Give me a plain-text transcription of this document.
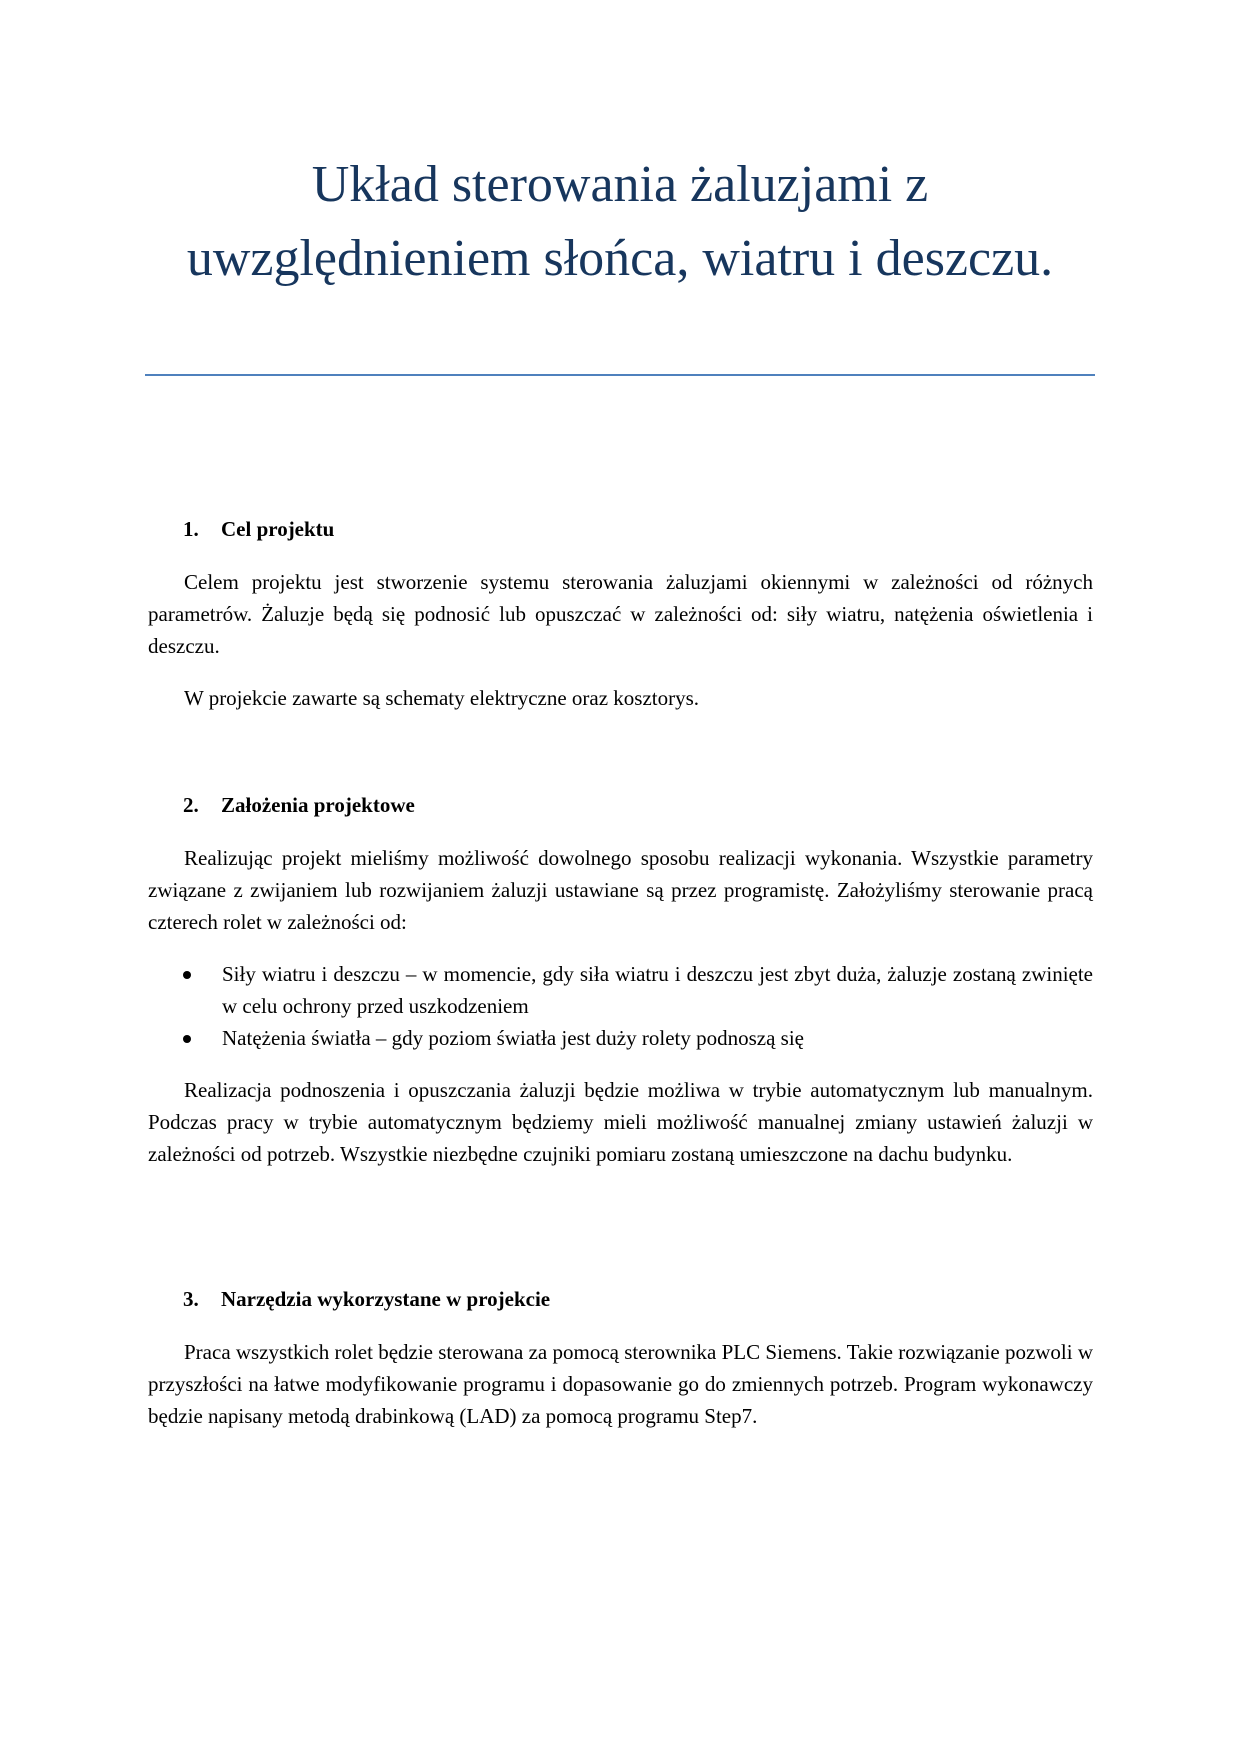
Układ sterowania żaluzjami z uwzględnieniem słońca, wiatru i deszczu.
1.	Cel projektu

Celem projektu jest stworzenie systemu sterowania żaluzjami okiennymi w zależności od różnych parametrów. Żaluzje będą się podnosić lub opuszczać w zależności od: siły wiatru, natężenia oświetlenia i deszczu.

W projekcie zawarte są schematy elektryczne oraz kosztorys.

2.	Założenia projektowe

Realizując projekt mieliśmy możliwość dowolnego sposobu realizacji wykonania. Wszystkie parametry związane z zwijaniem lub rozwijaniem żaluzji ustawiane są przez programistę. Założyliśmy sterowanie pracą czterech rolet w zależności od:

Siły wiatru i deszczu – w momencie, gdy siła wiatru i deszczu jest zbyt duża, żaluzje zostaną zwinięte w celu ochrony przed uszkodzeniem
Natężenia światła – gdy poziom światła jest duży rolety podnoszą się

Realizacja podnoszenia i opuszczania żaluzji będzie możliwa w trybie automatycznym lub manualnym. Podczas pracy w trybie automatycznym będziemy mieli możliwość manualnej zmiany ustawień żaluzji w zależności od potrzeb. Wszystkie niezbędne czujniki pomiaru zostaną umieszczone na dachu budynku.

3.	Narzędzia wykorzystane w projekcie

Praca wszystkich rolet będzie sterowana za pomocą sterownika PLC Siemens. Takie rozwiązanie pozwoli w przyszłości na łatwe modyfikowanie programu i dopasowanie go do zmiennych potrzeb. Program wykonawczy będzie napisany metodą drabinkową (LAD) za pomocą programu Step7.
